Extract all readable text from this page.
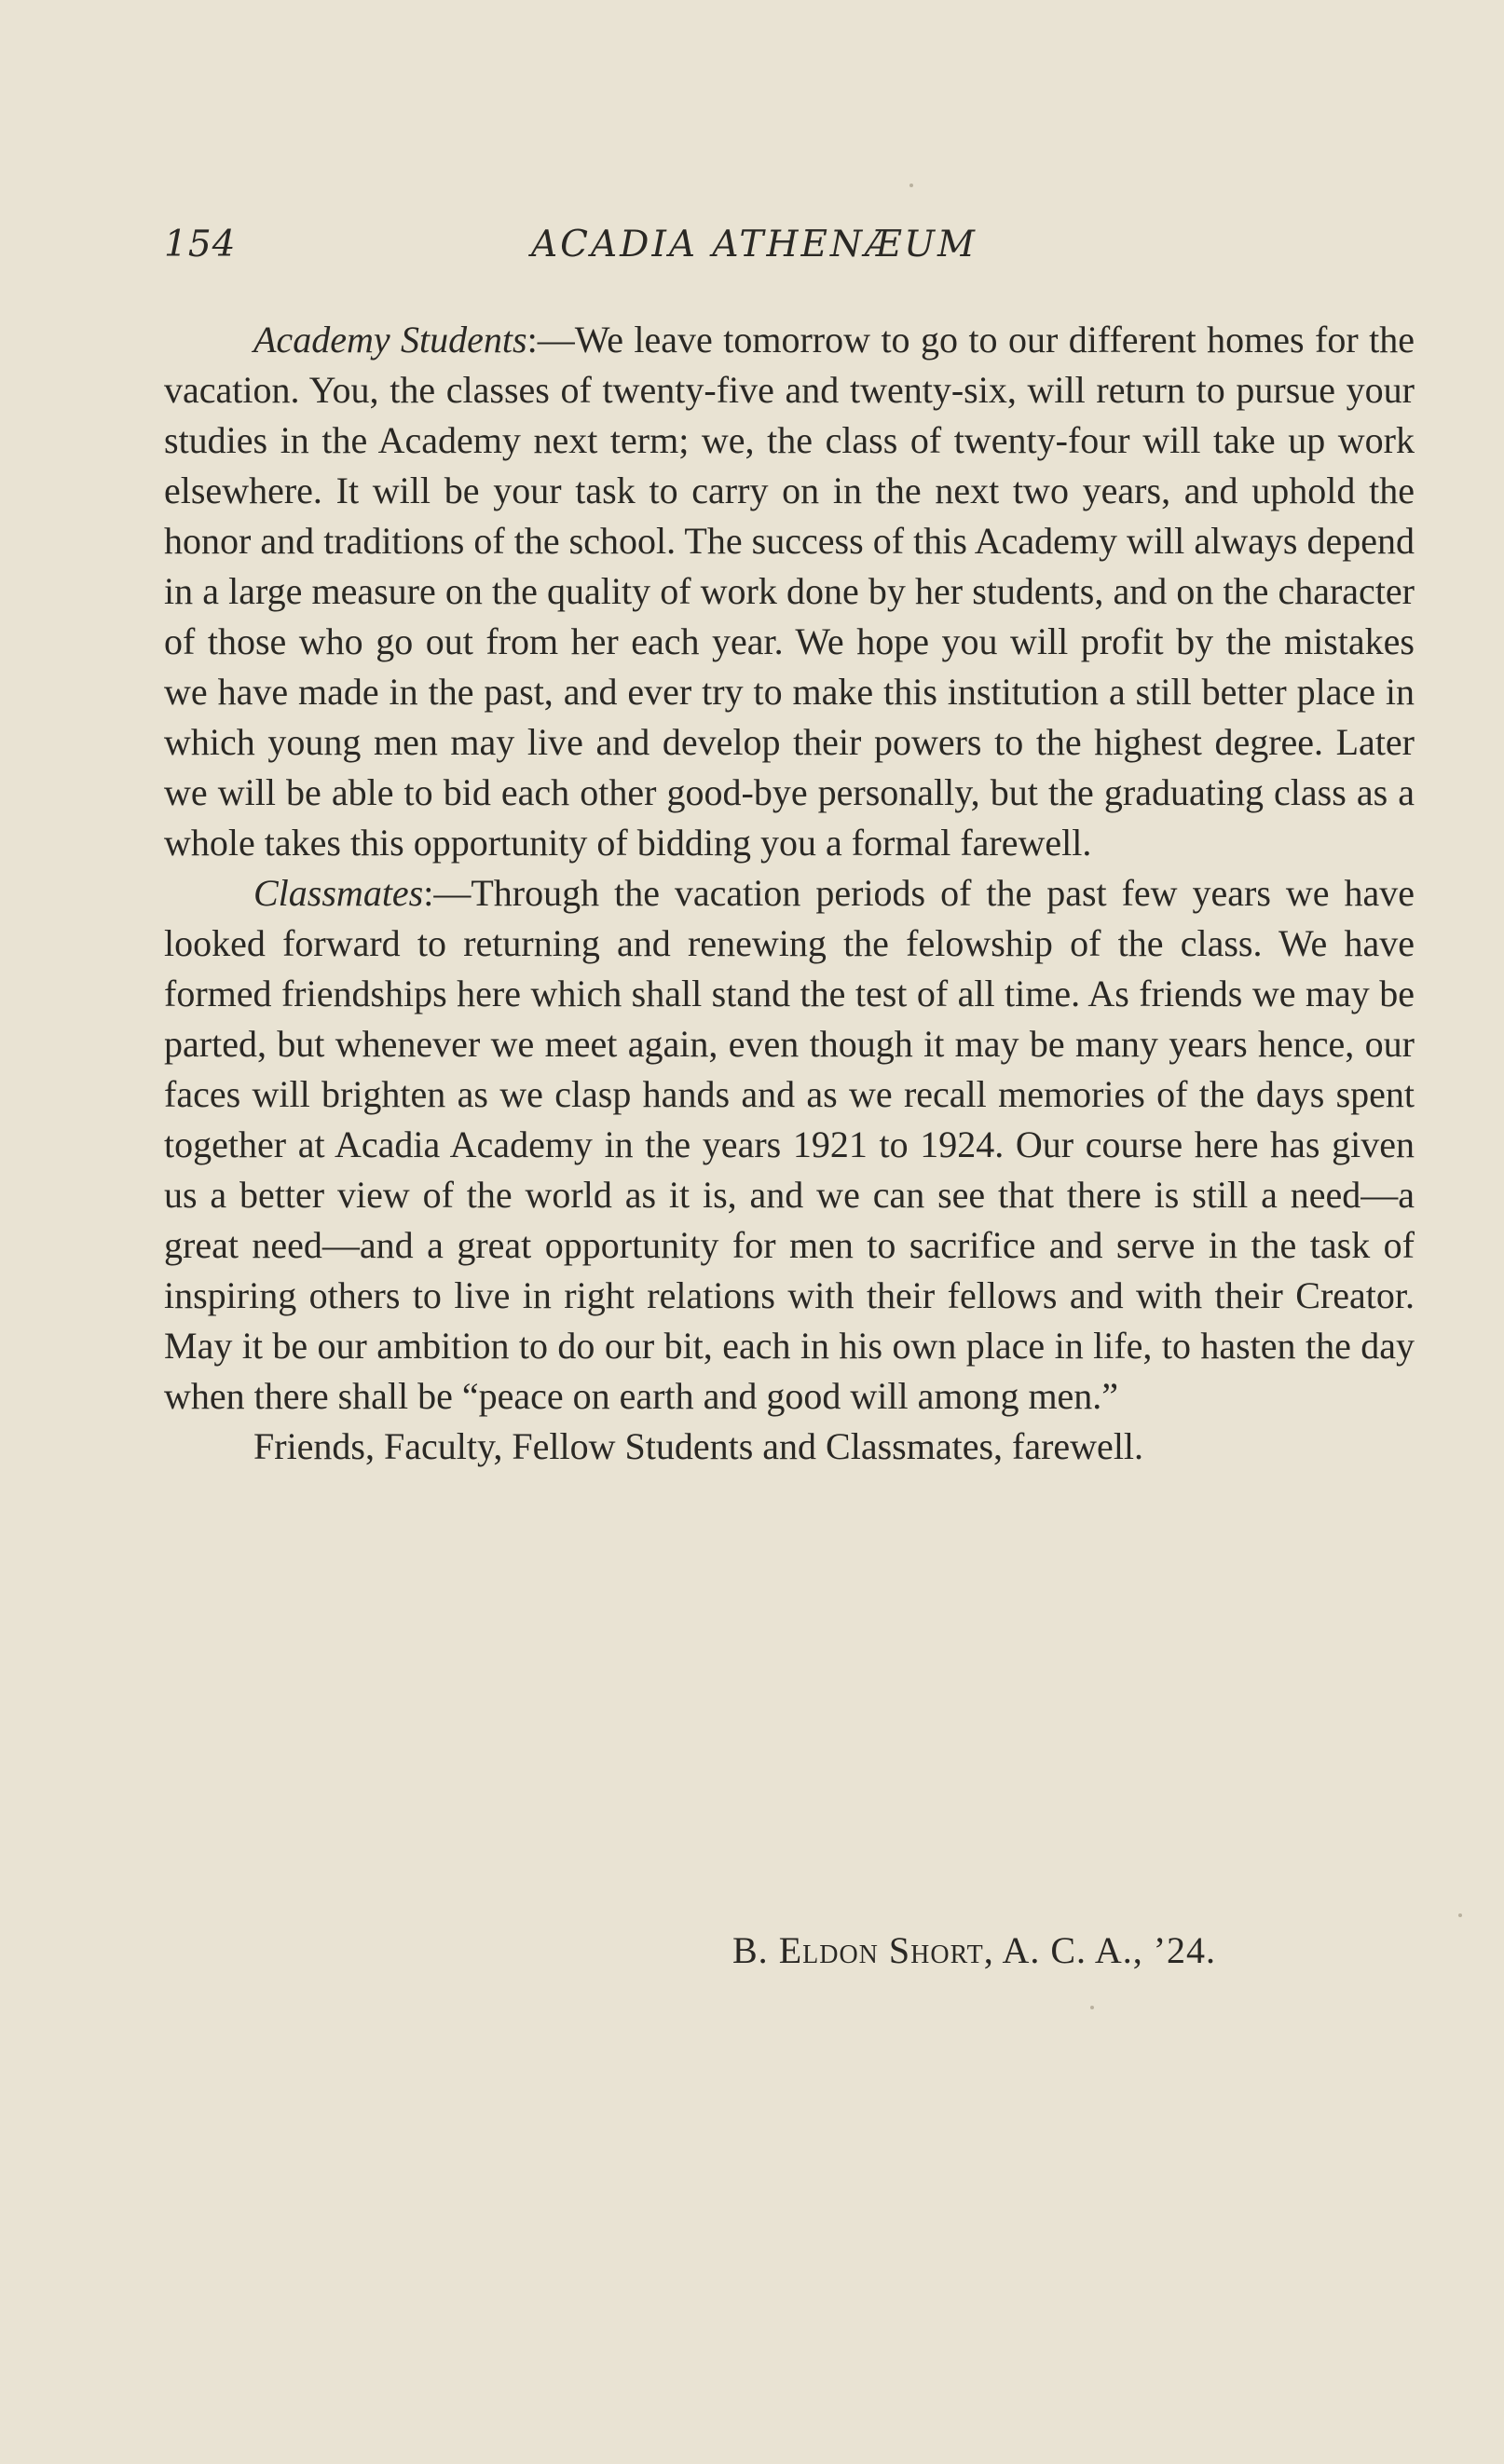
154	ACADIA ATHENÆUM

Academy Students:—We leave tomorrow to go to our different homes for the vacation. You, the classes of twenty-five and twenty-six, will return to pursue your studies in the Academy next term; we, the class of twenty-four will take up work elsewhere. It will be your task to carry on in the next two years, and uphold the honor and traditions of the school. The success of this Academy will always depend in a large measure on the quality of work done by her students, and on the character of those who go out from her each year. We hope you will profit by the mistakes we have made in the past, and ever try to make this institution a still better place in which young men may live and develop their powers to the highest degree. Later we will be able to bid each other good-bye personally, but the graduating class as a whole takes this opportunity of bidding you a formal farewell.

Classmates:—Through the vacation periods of the past few years we have looked forward to returning and renewing the felowship of the class. We have formed friendships here which shall stand the test of all time. As friends we may be parted, but whenever we meet again, even though it may be many years hence, our faces will brighten as we clasp hands and as we recall memories of the days spent together at Acadia Academy in the years 1921 to 1924. Our course here has given us a better view of the world as it is, and we can see that there is still a need—a great need—and a great opportunity for men to sacrifice and serve in the task of inspiring others to live in right relations with their fellows and with their Creator. May it be our ambition to do our bit, each in his own place in life, to hasten the day when there shall be “peace on earth and good will among men.”

Friends, Faculty, Fellow Students and Classmates, farewell.

B. Eldon Short, A. C. A., ’24.
